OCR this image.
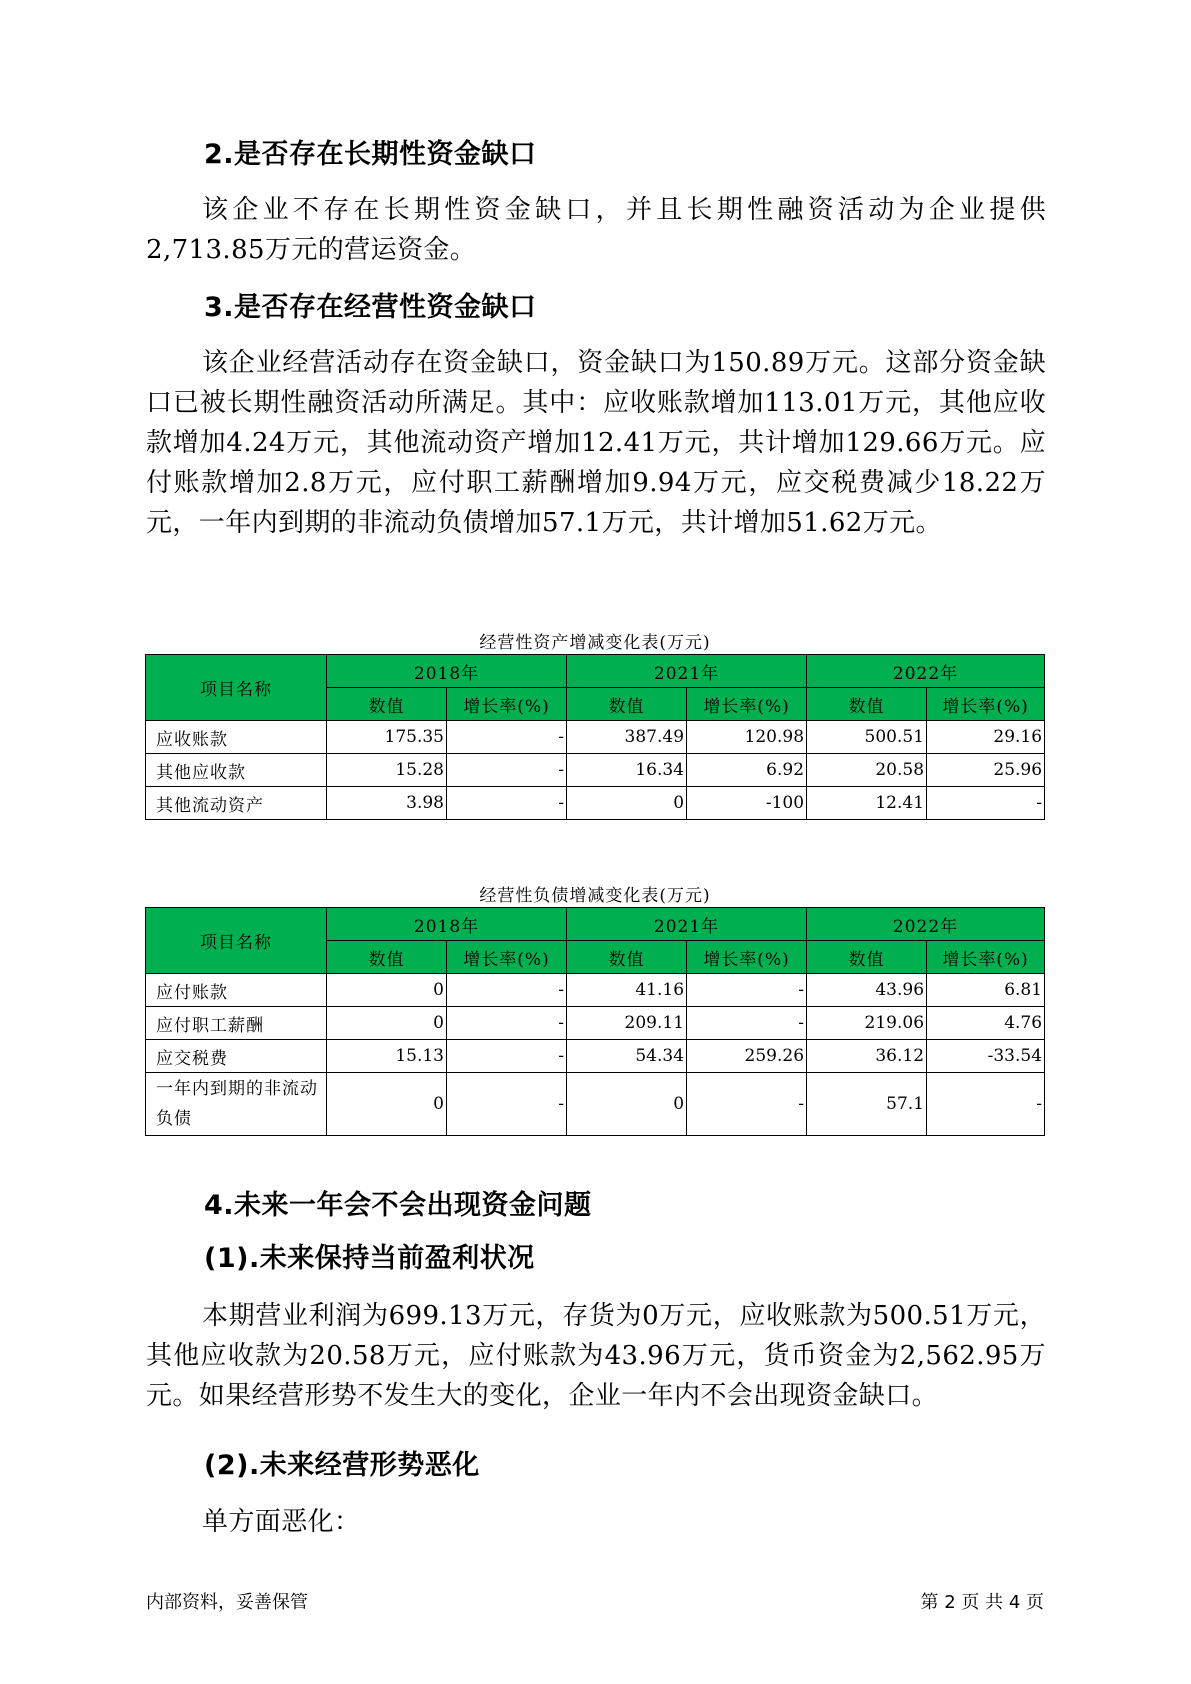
2.是否存在长期性资金缺口

该企业不存在长期性资金缺口，并且长期性融资活动为企业提供2,713.85万元的营运资金。

3.是否存在经营性资金缺口

该企业经营活动存在资金缺口，资金缺口为150.89万元。这部分资金缺口已被长期性融资活动所满足。其中：应收账款增加113.01万元，其他应收款增加4.24万元，其他流动资产增加12.41万元，共计增加129.66万元。应付账款增加2.8万元，应付职工薪酬增加9.94万元，应交税费减少18.22万元，一年内到期的非流动负债增加57.1万元，共计增加51.62万元。

经营性资产增减变化表(万元)
项目名称	2018年		2021年		2022年	
	数值	增长率(%)	数值	增长率(%)	数值	增长率(%)
应收账款	175.35	-	387.49	120.98	500.51	29.16
其他应收款	15.28	-	16.34	6.92	20.58	25.96
其他流动资产	3.98	-	0	-100	12.41	-
经营性负债增减变化表(万元)
项目名称	2018年		2021年		2022年	
	数值	增长率(%)	数值	增长率(%)	数值	增长率(%)
应付账款	0	-	41.16	-	43.96	6.81
应付职工薪酬	0	-	209.11	-	219.06	4.76
应交税费	15.13	-	54.34	259.26	36.12	-33.54
一年内到期的非流动负债	0	-	0	-	57.1	-
4.未来一年会不会出现资金问题
(1).未来保持当前盈利状况

本期营业利润为699.13万元，存货为0万元，应收账款为500.51万元，其他应收款为20.58万元，应付账款为43.96万元，货币资金为2,562.95万元。如果经营形势不发生大的变化，企业一年内不会出现资金缺口。

(2).未来经营形势恶化

单方面恶化：

内部资料，妥善保管	第 2 页 共 4 页
